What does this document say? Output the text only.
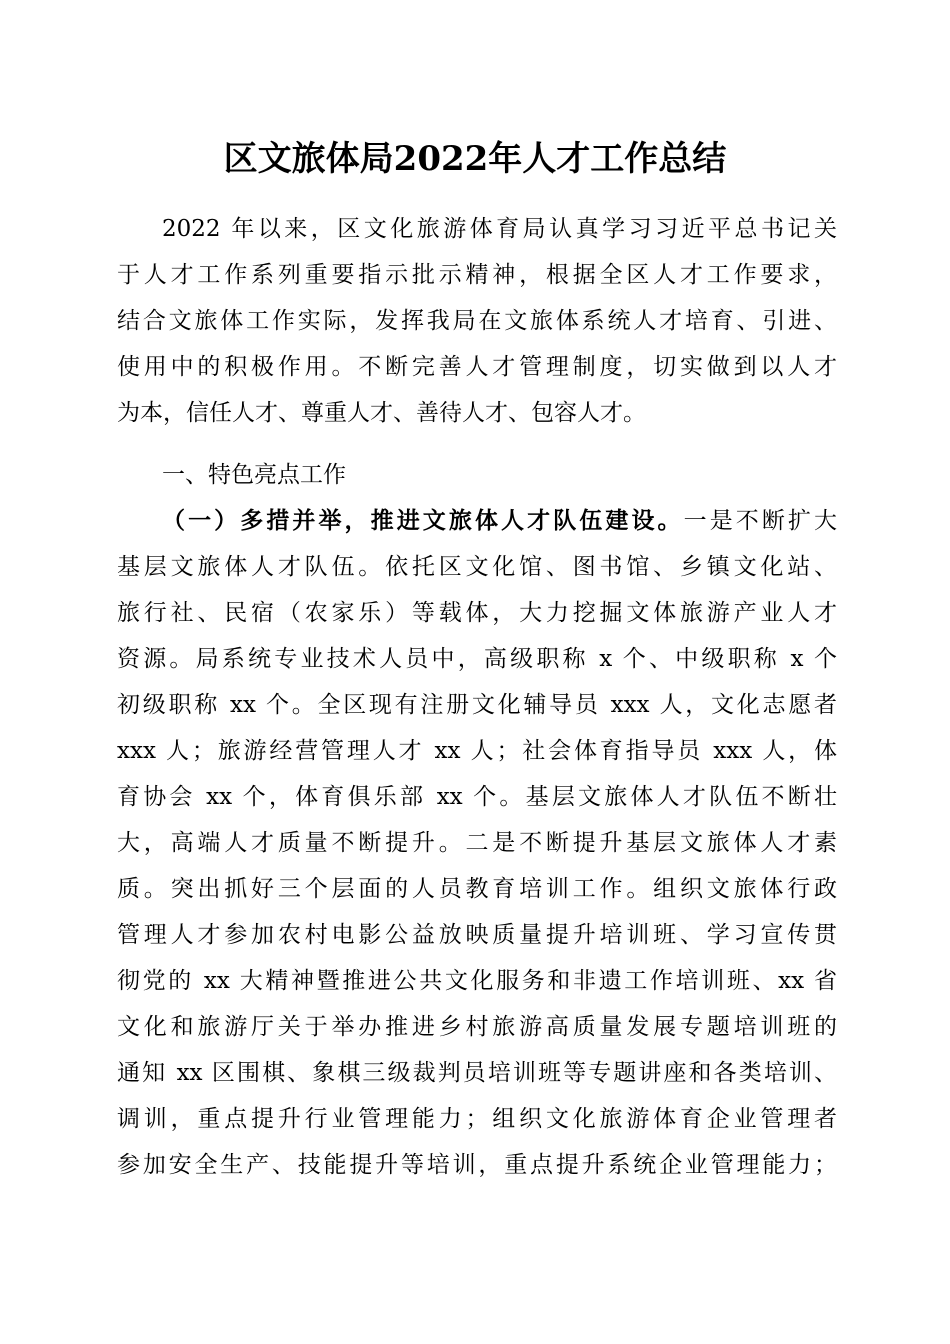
区文旅体局2022年人才工作总结
2022 年以来，区文化旅游体育局认真学习习近平总书记关
于人才工作系列重要指示批示精神，根据全区人才工作要求，
结合文旅体工作实际，发挥我局在文旅体系统人才培育、引进、
使用中的积极作用。不断完善人才管理制度，切实做到以人才
为本，信任人才、尊重人才、善待人才、包容人才。
一、特色亮点工作
（一）多措并举，推进文旅体人才队伍建设。一是不断扩大
基层文旅体人才队伍。依托区文化馆、图书馆、乡镇文化站、
旅行社、民宿（农家乐）等载体，大力挖掘文体旅游产业人才
资源。局系统专业技术人员中，高级职称 x 个、中级职称 x 个
初级职称 xx 个。全区现有注册文化辅导员 xxx 人，文化志愿者
xxx 人；旅游经营管理人才 xx 人；社会体育指导员 xxx 人，体
育协会 xx 个，体育俱乐部 xx 个。基层文旅体人才队伍不断壮
大，高端人才质量不断提升。二是不断提升基层文旅体人才素
质。突出抓好三个层面的人员教育培训工作。组织文旅体行政
管理人才参加农村电影公益放映质量提升培训班、学习宣传贯
彻党的 xx 大精神暨推进公共文化服务和非遗工作培训班、xx 省
文化和旅游厅关于举办推进乡村旅游高质量发展专题培训班的
通知 xx 区围棋、象棋三级裁判员培训班等专题讲座和各类培训、
调训，重点提升行业管理能力；组织文化旅游体育企业管理者
参加安全生产、技能提升等培训，重点提升系统企业管理能力；
